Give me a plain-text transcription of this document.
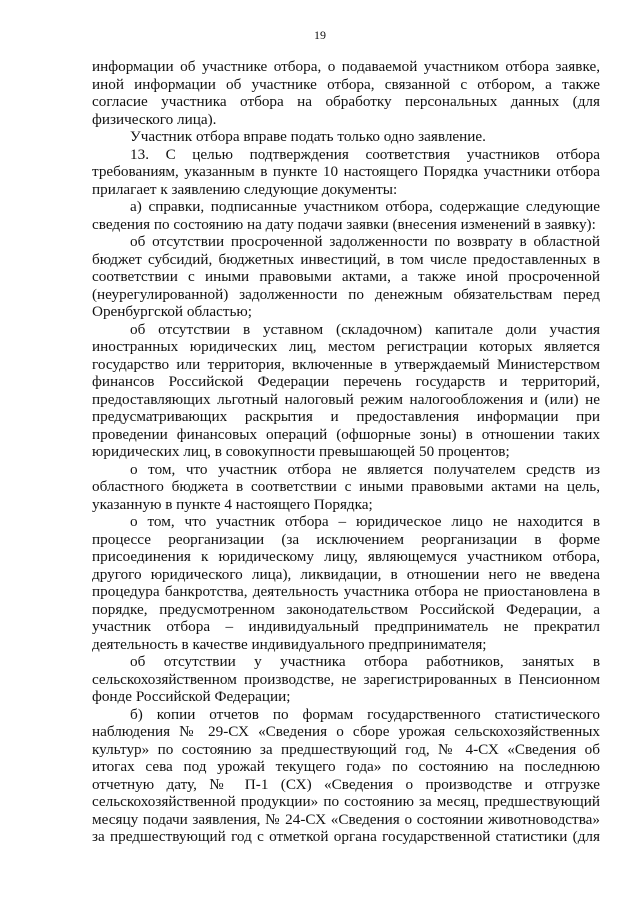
19
информации об участнике отбора, о подаваемой участником отбора заявке,
иной информации об участнике отбора, связанной с отбором, а также
согласие участника отбора на обработку персональных данных (для
физического лица).
Участник отбора вправе подать только одно заявление.
13. С целью подтверждения соответствия участников отбора
требованиям, указанным в пункте 10 настоящего Порядка участники отбора
прилагает к заявлению следующие документы:
а) справки, подписанные участником отбора, содержащие следующие
сведения по состоянию на дату подачи заявки (внесения изменений в заявку):
об отсутствии просроченной задолженности по возврату в областной
бюджет субсидий, бюджетных инвестиций, в том числе предоставленных в
соответствии с иными правовыми актами, а также иной просроченной
(неурегулированной) задолженности по денежным обязательствам перед
Оренбургской областью;
об отсутствии в уставном (складочном) капитале доли участия
иностранных юридических лиц, местом регистрации которых является
государство или территория, включенные в утверждаемый Министерством
финансов Российской Федерации перечень государств и территорий,
предоставляющих льготный налоговый режим налогообложения и (или) не
предусматривающих раскрытия и предоставления информации при
проведении финансовых операций (офшорные зоны) в отношении таких
юридических лиц, в совокупности превышающей 50 процентов;
о том, что участник отбора не является получателем средств из
областного бюджета в соответствии с иными правовыми актами на цель,
указанную в пункте 4 настоящего Порядка;
о том, что участник отбора – юридическое лицо не находится в
процессе реорганизации (за исключением реорганизации в форме
присоединения к юридическому лицу, являющемуся участником отбора,
другого юридического лица), ликвидации, в отношении него не введена
процедура банкротства, деятельность участника отбора не приостановлена в
порядке, предусмотренном законодательством Российской Федерации, а
участник отбора – индивидуальный предприниматель не прекратил
деятельность в качестве индивидуального предпринимателя;
об отсутствии у участника отбора работников, занятых в
сельскохозяйственном производстве, не зарегистрированных в Пенсионном
фонде Российской Федерации;
б) копии отчетов по формам государственного статистического
наблюдения № 29-СХ «Сведения о сборе урожая сельскохозяйственных
культур» по состоянию за предшествующий год, № 4-СХ «Сведения об
итогах сева под урожай текущего года» по состоянию на последнюю
отчетную дату, № П-1 (СХ) «Сведения о производстве и отгрузке
сельскохозяйственной продукции» по состоянию за месяц, предшествующий
месяцу подачи заявления, № 24-СХ «Сведения о состоянии животноводства»
за предшествующий год с отметкой органа государственной статистики (для
